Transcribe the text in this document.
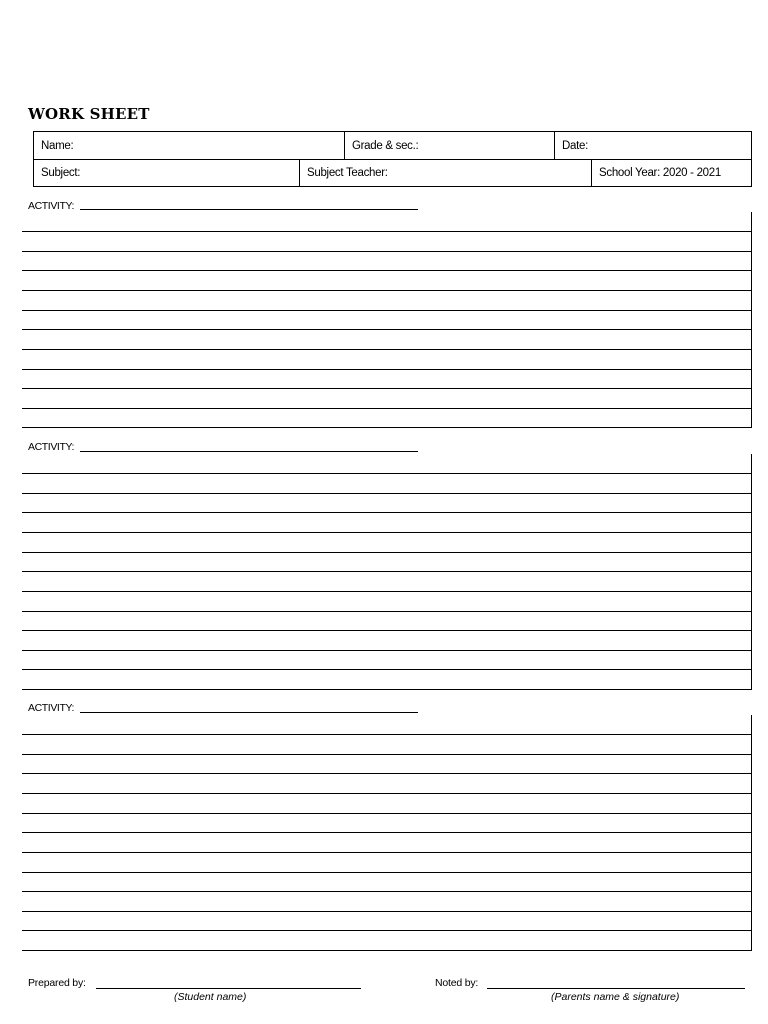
WORK SHEET
Name:	Grade & sec.:	Date:
Subject:	Subject Teacher:	School Year: 2020 - 2021
ACTIVITY:
ACTIVITY:
ACTIVITY:
Prepared by:
(Student name)
Noted by:
(Parents name & signature)
